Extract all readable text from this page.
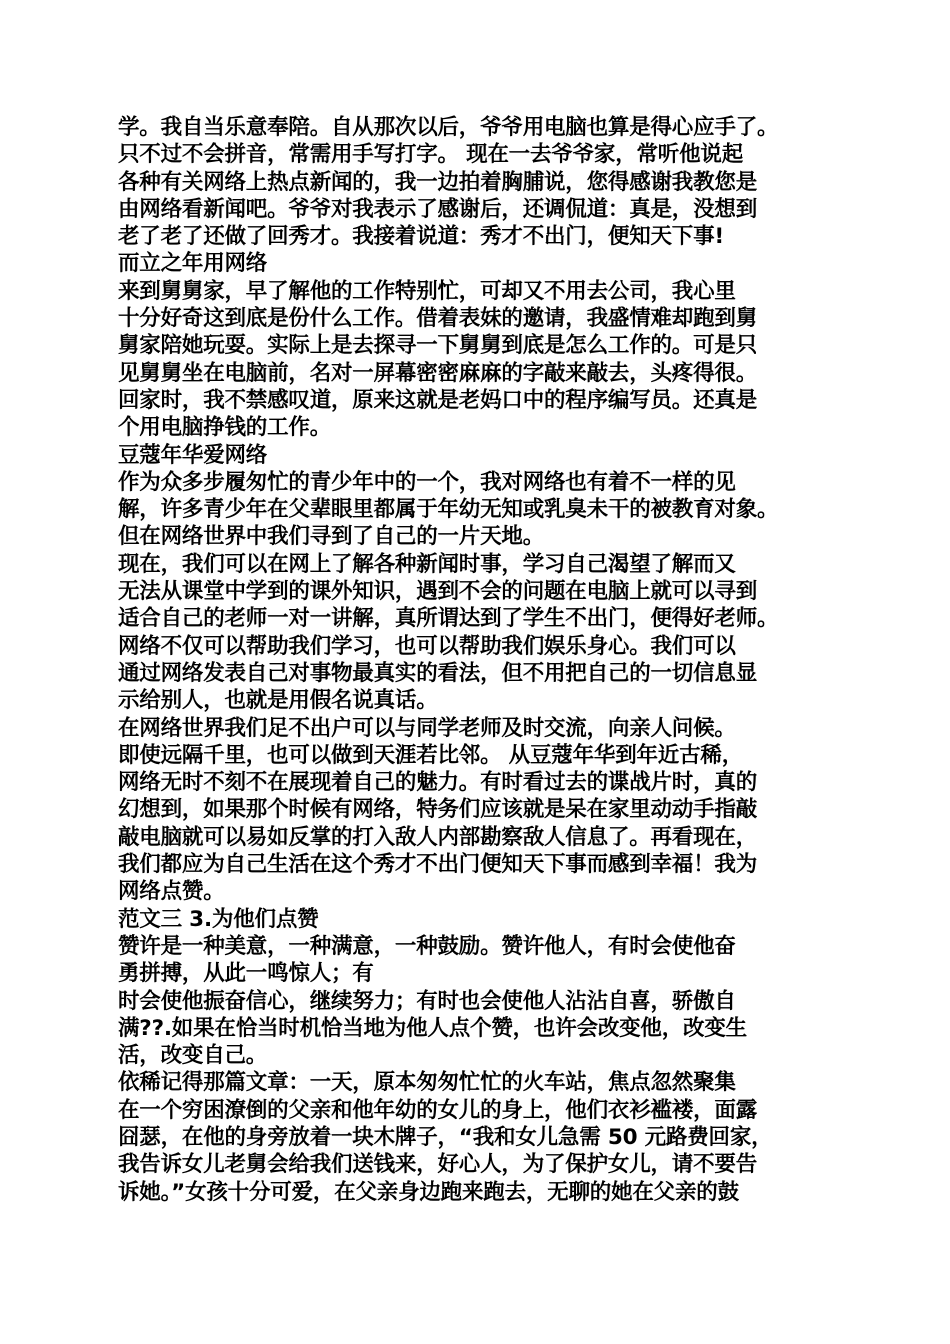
学。我自当乐意奉陪。自从那次以后，爷爷用电脑也算是得心应手了。
只不过不会拼音，常需用手写打字。 现在一去爷爷家，常听他说起
各种有关网络上热点新闻的，我一边拍着胸脯说，您得感谢我教您是
由网络看新闻吧。爷爷对我表示了感谢后，还调侃道：真是，没想到
老了老了还做了回秀才。我接着说道：秀才不出门，便知天下事!
而立之年用网络
来到舅舅家，早了解他的工作特别忙，可却又不用去公司，我心里
十分好奇这到底是份什么工作。借着表妹的邀请，我盛情难却跑到舅
舅家陪她玩耍。实际上是去探寻一下舅舅到底是怎么工作的。可是只
见舅舅坐在电脑前，名对一屏幕密密麻麻的字敲来敲去，头疼得很。
回家时，我不禁感叹道，原来这就是老妈口中的程序编写员。还真是
个用电脑挣钱的工作。
豆蔻年华爱网络
作为众多步履匆忙的青少年中的一个，我对网络也有着不一样的见
解，许多青少年在父辈眼里都属于年幼无知或乳臭未干的被教育对象。
但在网络世界中我们寻到了自己的一片天地。
现在，我们可以在网上了解各种新闻时事，学习自己渴望了解而又
无法从课堂中学到的课外知识，遇到不会的问题在电脑上就可以寻到
适合自己的老师一对一讲解，真所谓达到了学生不出门，便得好老师。
网络不仅可以帮助我们学习，也可以帮助我们娱乐身心。我们可以
通过网络发表自己对事物最真实的看法，但不用把自己的一切信息显
示给别人，也就是用假名说真话。
在网络世界我们足不出户可以与同学老师及时交流，向亲人问候。
即使远隔千里，也可以做到天涯若比邻。 从豆蔻年华到年近古稀，
网络无时不刻不在展现着自己的魅力。有时看过去的谍战片时，真的
幻想到，如果那个时候有网络，特务们应该就是呆在家里动动手指敲
敲电脑就可以易如反掌的打入敌人内部勘察敌人信息了。再看现在，
我们都应为自己生活在这个秀才不出门便知天下事而感到幸福！我为
网络点赞。
范文三 3.为他们点赞
赞许是一种美意，一种满意，一种鼓励。赞许他人，有时会使他奋
勇拼搏，从此一鸣惊人；有
时会使他振奋信心，继续努力；有时也会使他人沾沾自喜，骄傲自
满??.如果在恰当时机恰当地为他人点个赞，也许会改变他，改变生
活，改变自己。
依稀记得那篇文章：一天，原本匆匆忙忙的火车站，焦点忽然聚集
在一个穷困潦倒的父亲和他年幼的女儿的身上，他们衣衫褴褛，面露
囧瑟，在他的身旁放着一块木牌子，“我和女儿急需 50 元路费回家，
我告诉女儿老舅会给我们送钱来，好心人，为了保护女儿，请不要告
诉她。”女孩十分可爱，在父亲身边跑来跑去，无聊的她在父亲的鼓
